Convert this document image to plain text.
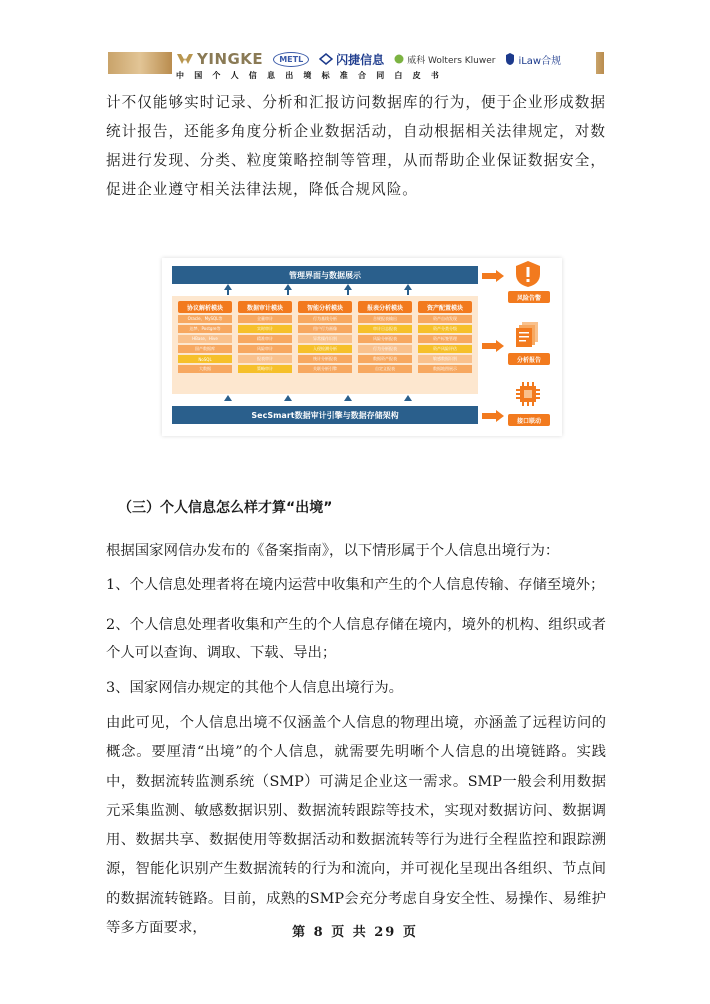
YINGKE METL	闪捷信息	威科 Wolters Kluwer iLaw合规
中国个人信息出境标准合同白皮书
计不仅能够实时记录、分析和汇报访问数据库的行为，便于企业形成数据统计报告，还能多角度分析企业数据活动，自动根据相关法律规定，对数据进行发现、分类、粒度策略控制等管理，从而帮助企业保证数据安全，促进企业遵守相关法律法规，降低合规风险。
管理界面与数据展示
协议解析模块
Oracle、MySQL等
达梦、Postgre等
HBase、Hive
国产数据库
NoSQL
大数据
数据审计模块
全量审计
实时审计
精准审计
风险审计
报表审计
策略审计
智能分析模块
行为基线分析
用户行为画像
异常操作识别
入侵检测分析
统计分析报表
关联分析引擎
报表分析模块
合规报表输出
审计日志报表
风险分析报表
行为分析报表
数据资产报表
自定义报表
资产配置模块
资产自动发现
资产分类分级
资产标签管理
资产风险评估
敏感数据识别
数据地图展示
SecSmart数据审计引擎与数据存储架构
风险告警
分析报告
接口联动
（三）个人信息怎么样才算“出境”
根据国家网信办发布的《备案指南》，以下情形属于个人信息出境行为：
1、个人信息处理者将在境内运营中收集和产生的个人信息传输、存储至境外；
2、个人信息处理者收集和产生的个人信息存储在境内，境外的机构、组织或者个人可以查询、调取、下载、导出；
3、国家网信办规定的其他个人信息出境行为。
由此可见，个人信息出境不仅涵盖个人信息的物理出境，亦涵盖了远程访问的概念。要厘清“出境”的个人信息，就需要先明晰个人信息的出境链路。实践中，数据流转监测系统（SMP）可满足企业这一需求。SMP一般会利用数据元采集监测、敏感数据识别、数据流转跟踪等技术，实现对数据访问、数据调用、数据共享、数据使用等数据活动和数据流转等行为进行全程监控和跟踪溯源，智能化识别产生数据流转的行为和流向，并可视化呈现出各组织、节点间的数据流转链路。目前，成熟的SMP会充分考虑自身安全性、易操作、易维护等多方面要求，	第 8 页 共 29 页
